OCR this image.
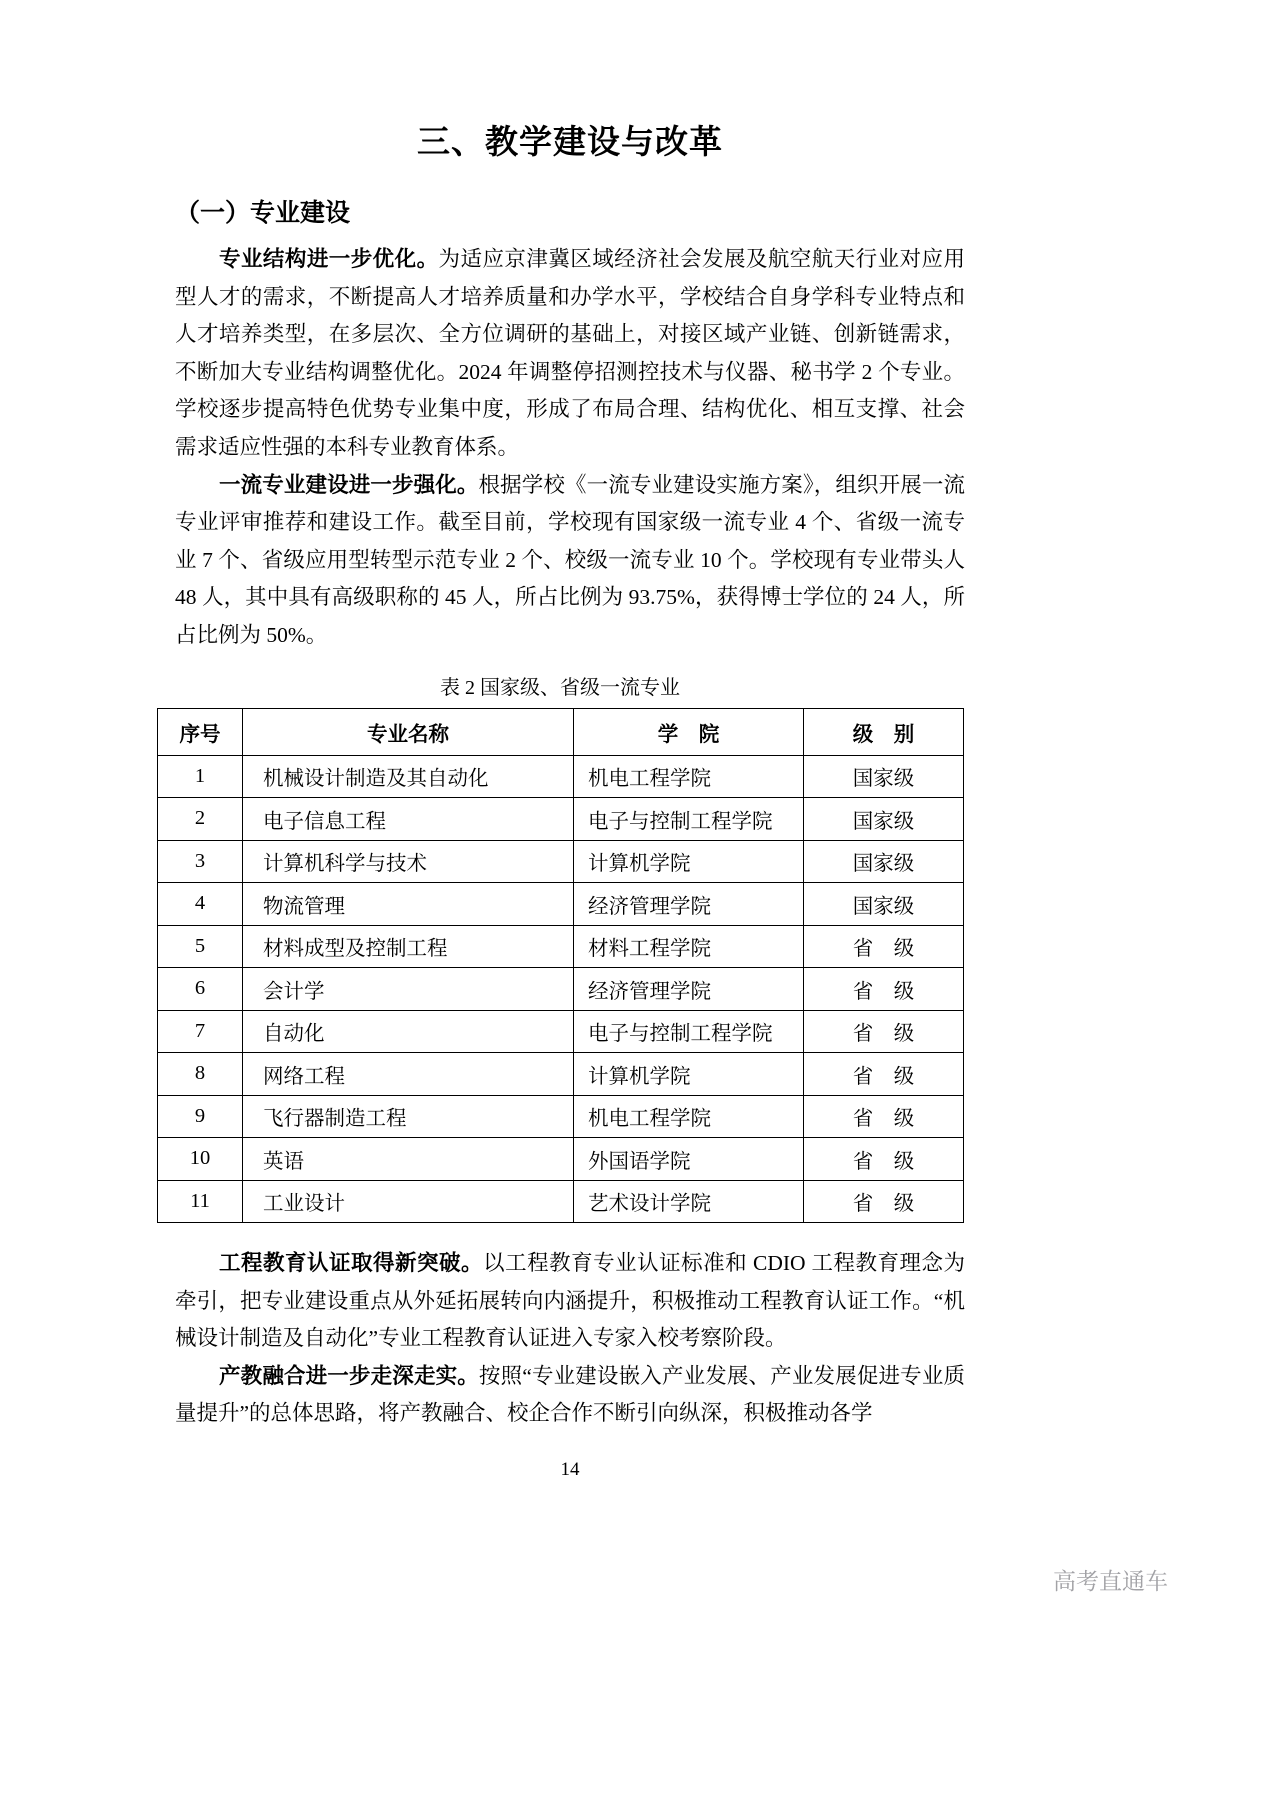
三、教学建设与改革
（一）专业建设

专业结构进一步优化。为适应京津冀区域经济社会发展及航空航天行业对应用型人才的需求，不断提高人才培养质量和办学水平，学校结合自身学科专业特点和人才培养类型，在多层次、全方位调研的基础上，对接区域产业链、创新链需求，不断加大专业结构调整优化。2024 年调整停招测控技术与仪器、秘书学 2 个专业。学校逐步提高特色优势专业集中度，形成了布局合理、结构优化、相互支撑、社会需求适应性强的本科专业教育体系。

一流专业建设进一步强化。根据学校《一流专业建设实施方案》，组织开展一流专业评审推荐和建设工作。截至目前，学校现有国家级一流专业 4 个、省级一流专业 7 个、省级应用型转型示范专业 2 个、校级一流专业 10 个。学校现有专业带头人 48 人，其中具有高级职称的 45 人，所占比例为 93.75%，获得博士学位的 24 人，所占比例为 50%。

表 2 国家级、省级一流专业
序号	专业名称	学　院	级　别
1	机械设计制造及其自动化	机电工程学院	国家级
2	电子信息工程	电子与控制工程学院	国家级
3	计算机科学与技术	计算机学院	国家级
4	物流管理	经济管理学院	国家级
5	材料成型及控制工程	材料工程学院	省　级
6	会计学	经济管理学院	省　级
7	自动化	电子与控制工程学院	省　级
8	网络工程	计算机学院	省　级
9	飞行器制造工程	机电工程学院	省　级
10	英语	外国语学院	省　级
11	工业设计	艺术设计学院	省　级

工程教育认证取得新突破。以工程教育专业认证标准和 CDIO 工程教育理念为牵引，把专业建设重点从外延拓展转向内涵提升，积极推动工程教育认证工作。“机械设计制造及自动化”专业工程教育认证进入专家入校考察阶段。

产教融合进一步走深走实。按照“专业建设嵌入产业发展、产业发展促进专业质量提升”的总体思路，将产教融合、校企合作不断引向纵深，积极推动各学

14
高考直通车
